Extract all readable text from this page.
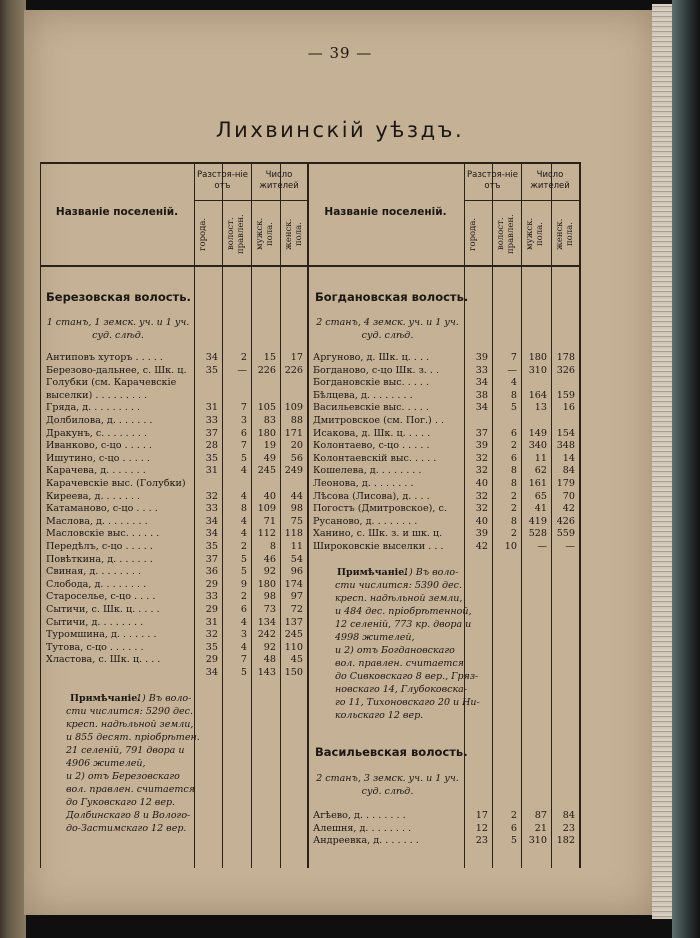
— 39 —
Лихвинскій уѣздъ.
Названіе поселеній.
Разстоя-ніе отъ
Число жителей
города.	волост. правлен. мужск. пола. женск. пола.
Названіе поселеній.
Разстоя-ніе отъ
Число жителей
города.	волост. правлен. мужск. пола. женск. пола.
Березовская волость.
1 станъ, 1 земск. уч. и 1 уч. суд. слѣд.
Антиповъ хуторъ . . . . .	34	2	15	17
Березово-дальнее, с. Шк. ц.	35	—	226 226
Голубки (см. Карачевскіе
выселки) . . . . . . . . .
Гряда, д. . . . . . . . .	31	7	105 109
Долбилова, д. . . . . . .	33	3	83	88
Дракунъ, с. . . . . . . .	37	6	180 171
Иванково, с-цо . . . . .	28	7	19	20
Ишутино, с-цо . . . . .	35	5	49	56
Карачева, д. . . . . . .	31	4	245 249
Карачевскіе выс. (Голубки)
Киреева, д. . . . . . .	32	4	40	44
Катаманово, с-цо . . . .	33	8	109	98
Маслова, д. . . . . . . .	34	4	71	75
Масловскіе выс. . . . . .	34	4	112 118
Передѣлъ, с-цо . . . . .	35	2	8	11
Повѣткина, д. . . . . . .	37	5	46	54
Свиная, д. . . . . . . .	36	5	92	96
Слобода, д. . . . . . . .	29	9	180 174
Староселье, с-цо . . . .	33	2	98	97
Сытичи, с. Шк. ц. . . . .	29	6	73	72
Сытичи, д. . . . . . . .	31	4	134 137
Туромшина, д. . . . . . .	32	3	242 245
Тутова, с-цо . . . . . .	35	4	92 110
Хластова, с. Шк. ц. . . .	29	7	48	45
34	5	143 150
Примѣчаніе.
1) Въ воло-
сти числится: 5290 дес.
кресп. надѣльной земли,
и 855 десят. пріобрѣтен.
21 селеній, 791 двора и
4906 жителей,
и 2) отъ Березовскаго
вол. правлен. считается
до Гуковскаго 12 вер.
Долбинскаго 8 и Волого-
до-Застимскаго 12 вер.
Богдановская волость.
2 станъ, 4 земск. уч. и 1 уч. суд. слѣд.
Аргуново, д. Шк. ц. . . .	39	7	180	178
Богданово, с-цо Шк. з. . .	33	—	310	326
Богдановскіе выс. . . . .	34	4
Бѣлцева, д. . . . . . . .	38	8	164	159
Васильевскіе выс. . . . .	34	5	13	16
Дмитровское (см. Пог.) . .
Исакова, д. Шк. ц. . . . .	37	6	149	154
Колонтаево, с-цо . . . . .	39	2	340	348
Колонтаевскій выс. . . . .	32	6	11	14
Кошелева, д. . . . . . . .	32	8	62	84
Леонова, д. . . . . . . .	40	8	161	179
Лѣсова (Лисова), д. . . .	32	2	65	70
Погостъ (Дмитровское), с.	32	2	41	42
Русаново, д. . . . . . . .	40	8	419	426
Ханино, с. Шк. з. и шк. ц.	39	2	528	559
Широковскіе выселки . . .	42	10	—	—
Примѣчаніе.
1) Въ воло-
сти числится: 5390 дес.
кресп. надѣльной земли,
и 484 дес. пріобрѣтенной,
12 селеній, 773 кр. двора и
4998 жителей,
и 2) отъ Богдановскаго
вол. правлен. считается
до Сивковскаго 8 вер., Гряз-
новскаго 14, Глубоковска-
го 11, Тихоновскаго 20 и Ни-
кольскаго 12 вер.
Васильевская волость.
2 станъ, 3 земск. уч. и 1 уч. суд. слѣд.
Агѣево, д. . . . . . . .	17	2	87	84
Алешня, д. . . . . . . .	12	6	21	23
Андреевка, д. . . . . . .	23	5	310	182
